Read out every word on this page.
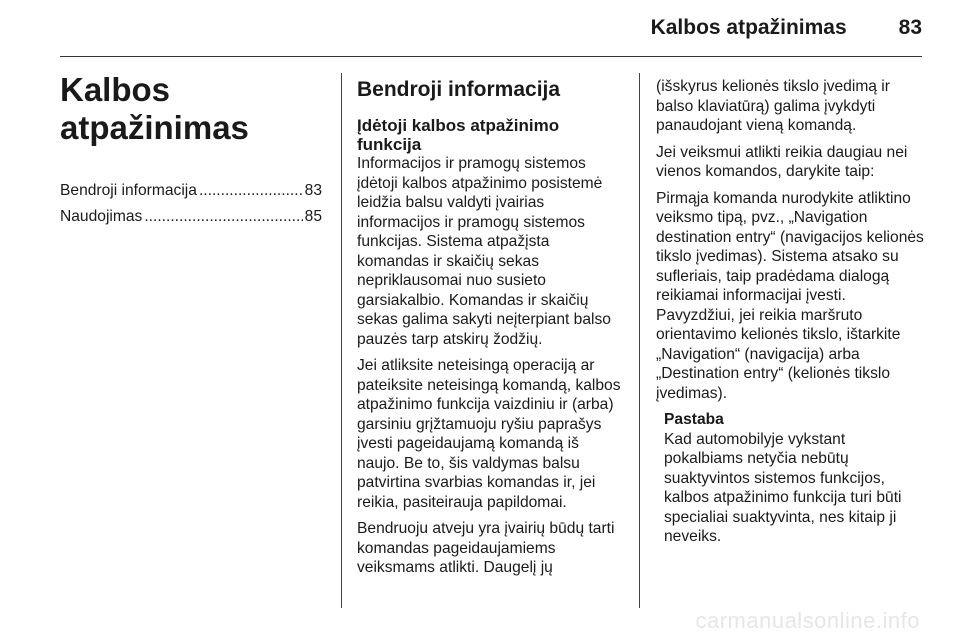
Kalbos atpažinimas 83
Kalbos atpažinimas
Bendroji informacija .....	83
Naudojimas .....	85
Bendroji informacija
Įdėtoji kalbos atpažinimo funkcija

Informacijos ir pramogų sistemos įdėtoji kalbos atpažinimo posistemė leidžia balsu valdyti įvairias informacijos ir pramogų sistemos funkcijas. Sistema atpažįsta komandas ir skaičių sekas nepriklausomai nuo susieto garsiakalbio. Komandas ir skaičių sekas galima sakyti neįterpiant balso pauzės tarp atskirų žodžių.

Jei atliksite neteisingą operaciją ar pateiksite neteisingą komandą, kalbos atpažinimo funkcija vaizdiniu ir (arba) garsiniu grįžtamuoju ryšiu paprašys įvesti pageidaujamą komandą iš naujo. Be to, šis valdymas balsu patvirtina svarbias komandas ir, jei reikia, pasiteirauja papildomai.

Bendruoju atveju yra įvairių būdų tarti komandas pageidaujamiems veiksmams atlikti. Daugelį jų

(išskyrus kelionės tikslo įvedimą ir balso klaviatūrą) galima įvykdyti panaudojant vieną komandą.

Jei veiksmui atlikti reikia daugiau nei vienos komandos, darykite taip:

Pirmąja komanda nurodykite atliktino veiksmo tipą, pvz., „Navigation destination entry“ (navigacijos kelionės tikslo įvedimas). Sistema atsako su sufleriais, taip pradėdama dialogą reikiamai informacijai įvesti. Pavyzdžiui, jei reikia maršruto orientavimo kelionės tikslo, ištarkite „Navigation“ (navigacija) arba „Destination entry“ (kelionės tikslo įvedimas).

Pastaba
Kad automobilyje vykstant pokalbiams netyčia nebūtų suaktyvintos sistemos funkcijos, kalbos atpažinimo funkcija turi būti specialiai suaktyvinta, nes kitaip ji neveiks.
carmanualsonline.info
